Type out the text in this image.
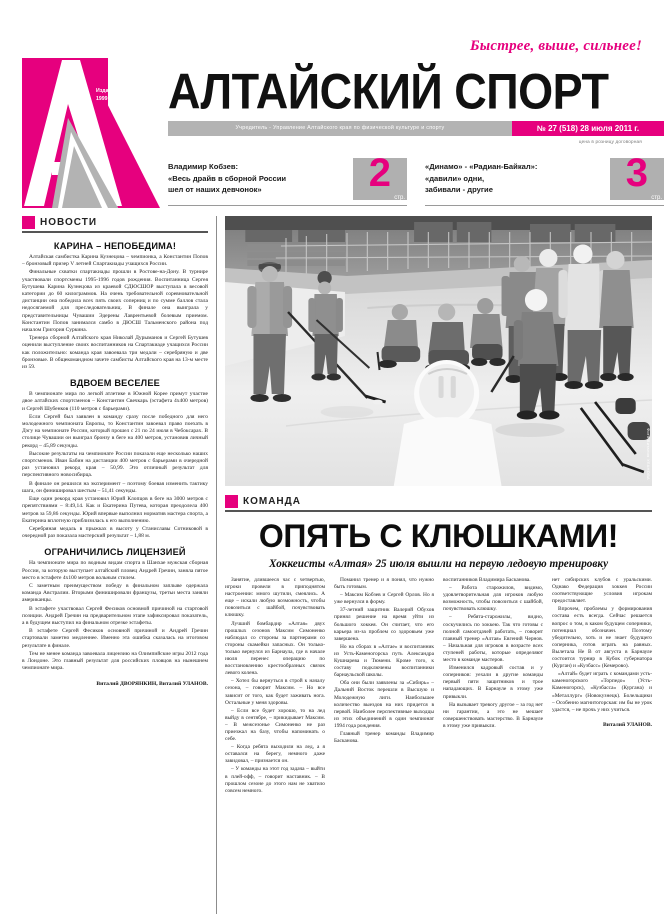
Быстрее, выше, сильнее!
Издается с 3 декабря 1999 г.	АЛТАЙСКИЙ СПОРТ
Учредитель - Управление Алтайского края по физической культуре и спорту	№ 27 (518) 28 июля 2011 г.
цена в розницу договорная
2
стр.
Владимир Кобзев:
«Весь драйв в сборной России
шел от наших девчонок»	3
стр.
«Динамо» - «Радиан-Байкал»:
«давили» одни,
забивали - другие
НОВОСТИ
КАРИНА – НЕПОБЕДИМА!

Алтайская самбистка Карина Кузнецова – чемпионка, а Константин Попов – бронзовый призер V летней Спартакиады учащихся России.

Финальные схватки спартакиады прошли в Ростове-на-Дону. В турнире участвовали спортсмены 1995-1996 годов рождения. Воспитанница Сергея Бутушева Карина Кузнецова из краевой СДЮСШОР выступала в весовой категории до 60 килограммов. На очень требовательной соревновательной дистанции она победила всех пять своих соперниц и по сумме баллов стала недосягаемой для преследовательниц. В финале она выиграла у представительницы Чувашии Эдерены Лаврентьевой болевым приемом. Константин Попов занимался самбо в ДЮСШ Тальменского района под началом Григория Суркина.

Тренера сборной Алтайского края Николай Дурыманов и Сергей Бутушев оценили выступление своих воспитанников на Спартакиаде учащихся России как положительно: команда края завоевала три медали – серебряную и две бронзовые. В общекомандном зачете самбисты Алтайского края на 13-м месте из 59.

ВДВОЕМ ВЕСЕЛЕЕ

В чемпионате мира по легкой атлетике в Южной Корее примут участие двое алтайских спортсменов – Константин Свечкарь (эстафета 4х400 метров) и Сергей Шубенков (110 метров с барьерами).

Если Сергей был заявлен в команду сразу после победного для него молодежного чемпионата Европы, то Константин завоевал право поехать в Дэгу на чемпионате России, который прошел с 21 по 24 июля в Чебоксарах. В столице Чувашии он выиграл бронзу в беге на 400 метров, установив личный рекорд – 45,89 секунды.

Высокие результаты на чемпионате России показали еще несколько наших спортсменов. Иван Бабин на дистанции 400 метров с барьерами в очередной раз установил рекорд края – 50,99. Это отличный результат для перспективного новосибирца.

В финале он решился на эксперимент – поэтому боевая изменить тактику шага, он финишировал шестым – 51,41 секунды.

Еще один рекорд края установил Юрий Клопцов в беге на 3000 метров с препятствиями – 8:49,14. Как и Екатерина Путева, которая преодолела 400 метров за 59,86 секунды. Юрий впервые выполнил норматив мастера спорта, а Екатерина вплотную приблизилась к его выполнению.

Серебряная медаль в прыжках в высоту у Станиславы Сотниковой в очередной раз показала мастерский результат – 1,88 м.

ОГРАНИЧИЛИСЬ ЛИЦЕНЗИЕЙ

На чемпионате мира по водным видам спорта в Шанхае мужская сборная России, за которую выступает алтайский пловец Андрей Гречин, заняла пятое место в эстафете 4х100 метров вольным стилем.

С заметным преимуществом победу в финальном заплыве одержала команда Австралии. Вторыми финишировали французы, третьи места заняли американцы.

В эстафете участвовал Сергей Фесиков основной причиной на стартовой позиции. Андрей Гречин на предварительном этапе зафиксировал показатель, а в будущем выступил на финальном отрезке эстафеты.

В эстафете Сергей Фесиков основной причиной и Андрей Гречин стартовали заметно медленнее. Именно эта ошибка сказалась на итоговом результате в финале.

Тем не менее команда завоевала лицензию на Олимпийские игры 2012 года в Лондоне. Это главный результат для российских пловцов на нынешнем чемпионате мира.

Виталий ДВОРЯНКИН, Виталий УЛАНОВ.
Фото Виталия УЛАНОВА
КОМАНДА
ОПЯТЬ С КЛЮШКАМИ!
Хоккеисты «Алтая» 25 июля вышли на первую ледовую тренировку

Занятие, длившееся час с четвертью, игроки провели в приподнятом настроении: много шутили, смеялись. А еще – искали любую возможность, чтобы повозиться с шайбой, почувствовать клюшку.

Лучший бомбардир «Алтая» двух прошлых сезонов Максим Симоненко наблюдал со стороны за партнерами со стороны скамейки запасных. Он только-только вернулся из Барнаула, где в начале июля перенес операцию по восстановлению крестообразных связок левого колена.

– Хотел бы вернуться в строй к началу сезона, – говорит Максим. – Но все зависит от того, как будет заживать нога. Остальные у меня здоровы.

– Если все будет хорошо, то на лед выйду в сентябре, – прикидывает Максим. – В межсезонье Симоненко не раз приезжал на базу, чтобы напоминать о себе.

– Когда ребята выходили на лед, а я оставался на берегу, немного даже завидовал, – признается он.

– У команды на этот год задача – выйти в плей-офф, – говорит наставник. – В прошлом сезоне до этого нам не хватило совсем немного.

Поманил тренер и я понял, что нужно быть готовым.

– Максим Кобзев и Сергей Орлов. Но я уже вернулся в форму.

37-летний защитник Валерий Обухов принял решение на время уйти из большого хоккея. Он считает, что его карьера из-за проблем со здоровьем уже завершена.

Но на сборах в «Алтае» и воспитанник из Усть-Каменогорска путь Александра Кушнарева и Тюмени. Кроме того, к составу подключены воспитанники барнаульской школы.

Оба они были заявлены за «Сибирь» – Дальний Восток перешли в Высшую и Молодежную лиги. Наибольшее количество выездов на них придется в первой. Наиболее перспективные выходцы из этих объединений в один чемпионат 1994 года рождения.

Главный тренер команды Владимир Басканова.

воспитанников Владимира Басканова.

– Работа старожилов, видимо, удовлетворительная для игроков любую возможность, чтобы повозиться с шайбой, почувствовать клюшку.

– Ребята-старожилы, видно, соскучились по хоккею. Так что готовы с полной самоотдачей работать, – говорит главный тренер «Алтая» Евгений Чернов. – Начальная для игроков в возрасте всех ступеней работы, которые определяют место в команде мастеров.

Изменился кадровый состав и у соперников: уехали в другие команды первый пяти защитников и трое нападающих. В Барнауле в этому уже привыкли.

На вызывает тревогу другое – за год нет ни гарантии, а это не мешает совершенствовать мастерство. В Барнауле в этому уже привыкли.

нет сибирских клубов с уральскими. Однако Федерация хоккея России соответствующие условия игрокам предоставляет.

Впрочем, проблемы у формирования состава есть всегда. Сейчас решается вопрос о том, в каком будущем соперники, потенциал обозначен. Поэтому убедительно, хоть и не знает будущего соперника, готов играть на равных. Вылетала Не В от августа в Барнауле состоится турнир в Кубок губернатора (Курган) и «Кузбасс» (Кемерово).

«Алтай» будет играть с командами усть-каменогорского «Торпедо» (Усть-Каменогорск), «Кузбасса» (Кургана) и «Металлург» (Новокузнецк). Болельщики – Особенно магнитогорская: им бы не урок удастся, – не прочь у них учиться.

Виталий УЛАНОВ.
